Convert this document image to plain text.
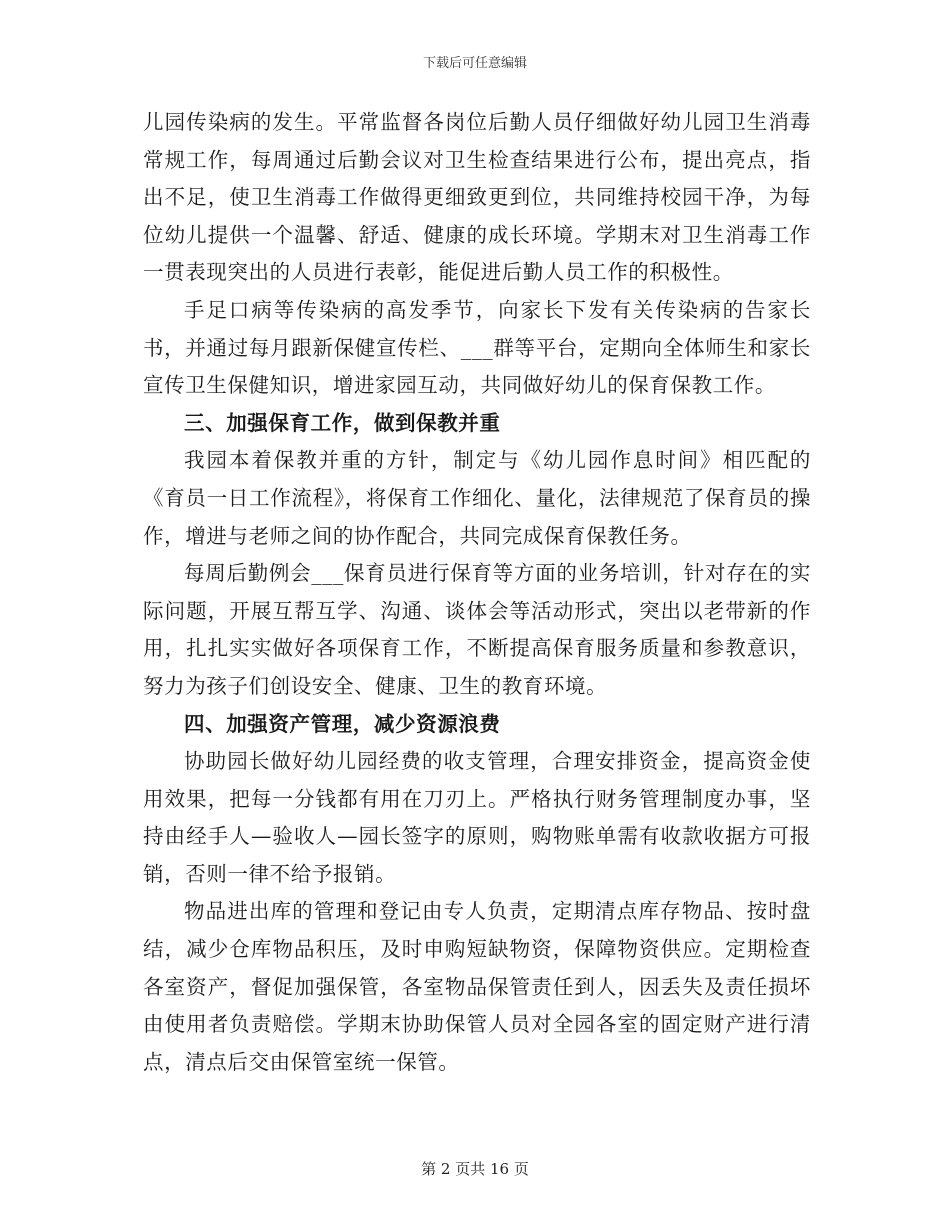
下载后可任意编辑

儿园传染病的发生。平常监督各岗位后勤人员仔细做好幼儿园卫生消毒常规工作，每周通过后勤会议对卫生检查结果进行公布，提出亮点，指出不足，使卫生消毒工作做得更细致更到位，共同维持校园干净，为每位幼儿提供一个温馨、舒适、健康的成长环境。学期末对卫生消毒工作一贯表现突出的人员进行表彰，能促进后勤人员工作的积极性。

手足口病等传染病的高发季节，向家长下发有关传染病的告家长书，并通过每月跟新保健宣传栏、___群等平台，定期向全体师生和家长宣传卫生保健知识，增进家园互动，共同做好幼儿的保育保教工作。

三、加强保育工作，做到保教并重

我园本着保教并重的方针，制定与《幼儿园作息时间》相匹配的《育员一日工作流程》，将保育工作细化、量化，法律规范了保育员的操作，增进与老师之间的协作配合，共同完成保育保教任务。

每周后勤例会___保育员进行保育等方面的业务培训，针对存在的实际问题，开展互帮互学、沟通、谈体会等活动形式，突出以老带新的作用，扎扎实实做好各项保育工作，不断提高保育服务质量和参教意识，努力为孩子们创设安全、健康、卫生的教育环境。

四、加强资产管理，减少资源浪费

协助园长做好幼儿园经费的收支管理，合理安排资金，提高资金使用效果，把每一分钱都有用在刀刃上。严格执行财务管理制度办事，坚持由经手人—验收人—园长签字的原则，购物账单需有收款收据方可报销，否则一律不给予报销。

物品进出库的管理和登记由专人负责，定期清点库存物品、按时盘结，减少仓库物品积压，及时申购短缺物资，保障物资供应。定期检查各室资产，督促加强保管，各室物品保管责任到人，因丢失及责任损坏由使用者负责赔偿。学期末协助保管人员对全园各室的固定财产进行清点，清点后交由保管室统一保管。

第 2 页共 16 页
